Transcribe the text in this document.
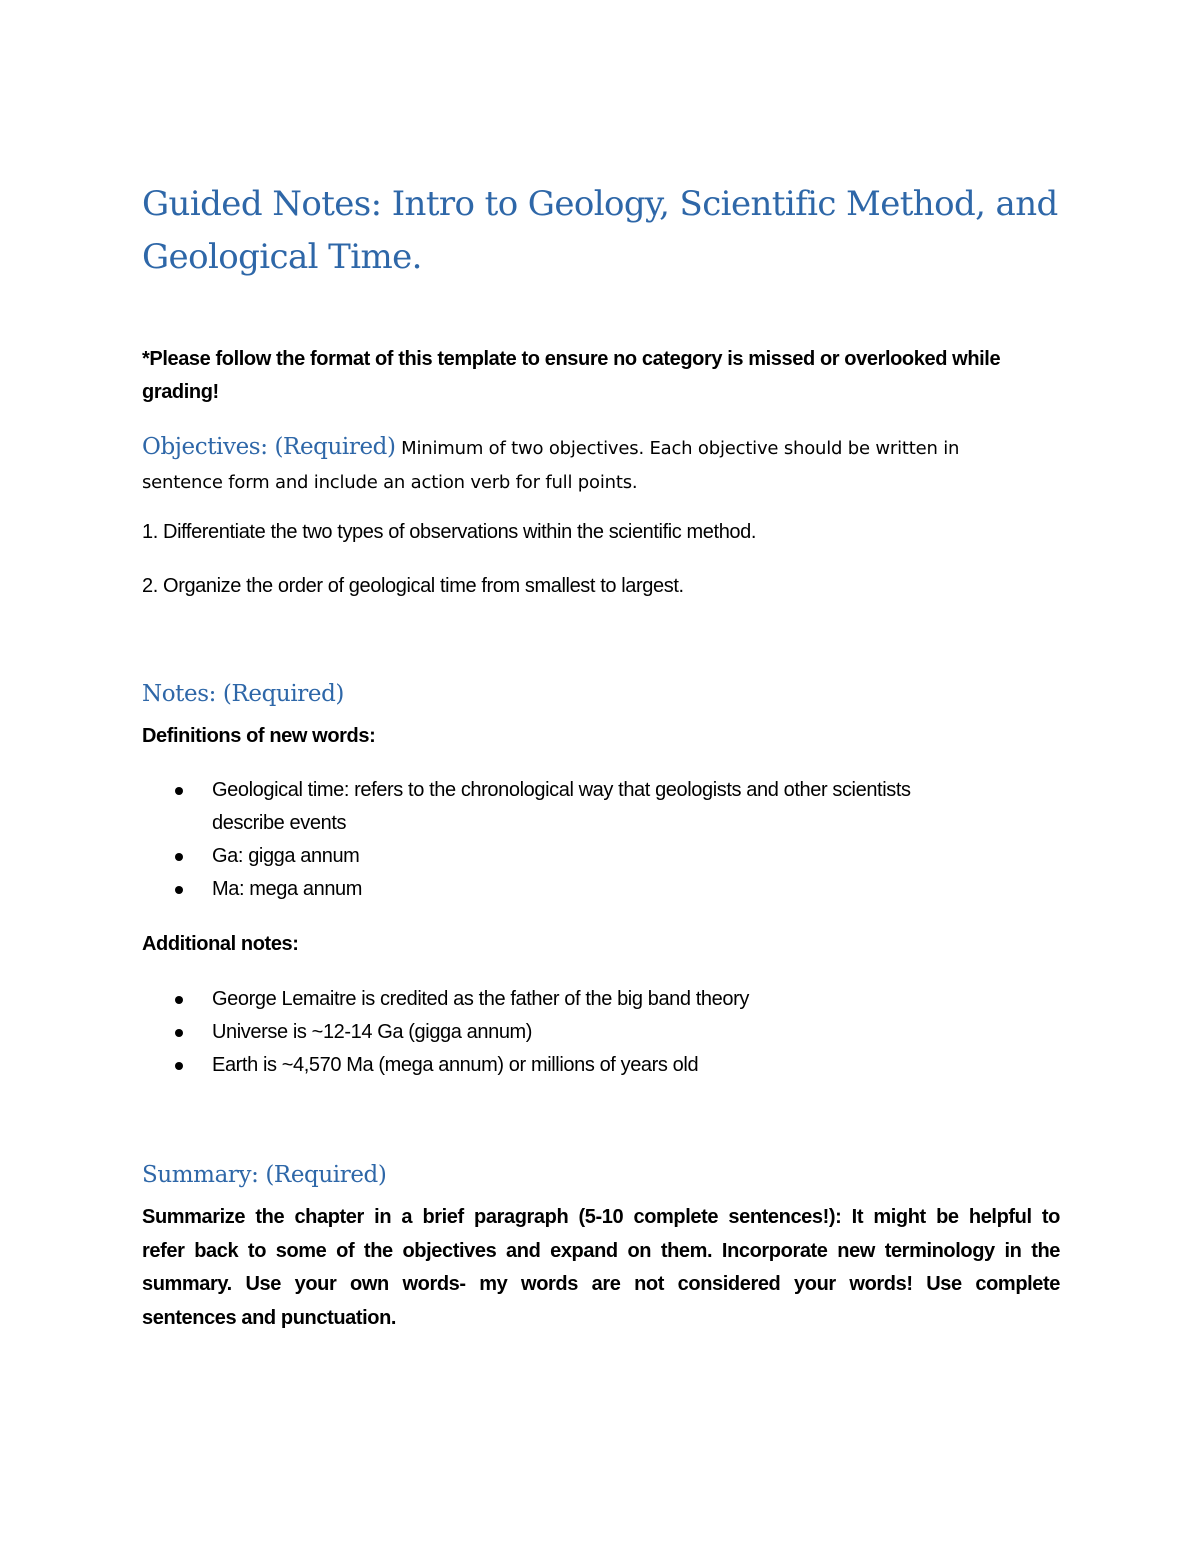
Guided Notes: Intro to Geology, Scientific Method, and
Geological Time.

*Please follow the format of this template to ensure no category is missed or overlooked while
grading!

Objectives: (Required) Minimum of two objectives. Each objective should be written in
sentence form and include an action verb for full points.

1. Differentiate the two types of observations within the scientific method.

2. Organize the order of geological time from smallest to largest.

Notes: (Required)

Definitions of new words:

Geological time: refers to the chronological way that geologists and other scientists
describe events
Ga: gigga annum
Ma: mega annum

Additional notes:

George Lemaitre is credited as the father of the big band theory
Universe is ~12-14 Ga (gigga annum)
Earth is ~4,570 Ma (mega annum) or millions of years old
Summary: (Required)

Summarize the chapter in a brief paragraph (5-10 complete sentences!): It might be helpful to
refer back to some of the objectives and expand on them. Incorporate new terminology in the
summary. Use your own words- my words are not considered your words! Use complete
sentences and punctuation.
